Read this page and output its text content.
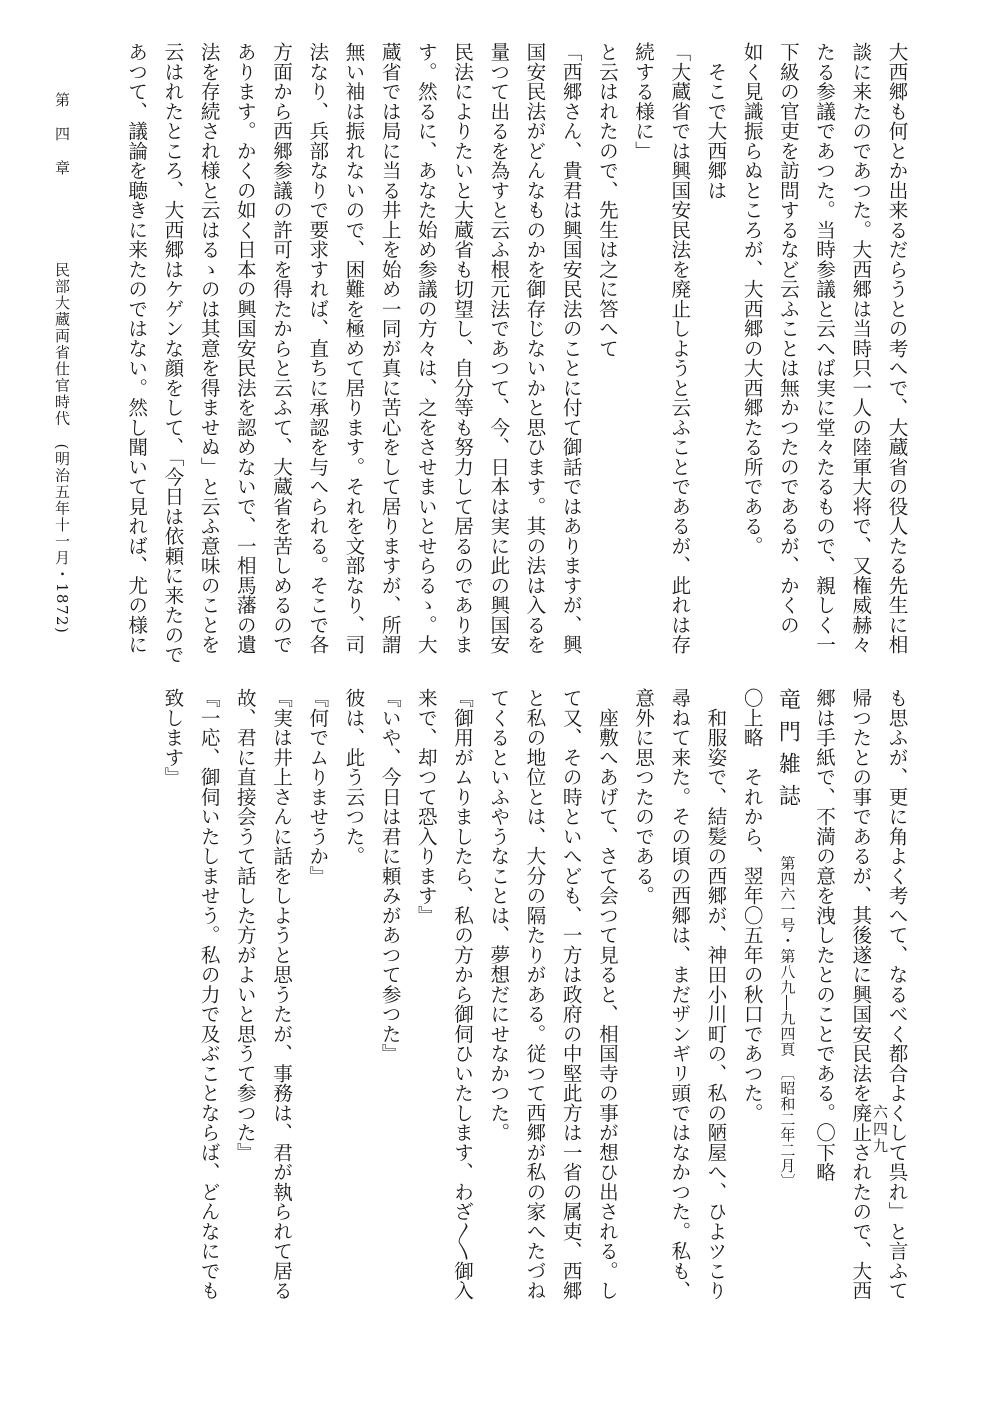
大西郷も何とか出来るだらうとの考へで、大蔵省の役人たる先生に相
談に来たのであつた。大西郷は当時只一人の陸軍大将で、又権威赫々
たる参議であつた。当時参議と云へば実に堂々たるもので、親しく一
下級の官吏を訪問するなど云ふことは無かつたのであるが、かくの
如く見識振らぬところが、大西郷の大西郷たる所である。
　そこで大西郷は
「大蔵省では興国安民法を廃止しようと云ふことであるが、此れは存
続する様に」
と云はれたので、先生は之に答へて
「西郷さん、貴君は興国安民法のことに付て御話ではありますが、興
国安民法がどんなものかを御存じないかと思ひます。其の法は入るを
量つて出るを為すと云ふ根元法であつて、今、日本は実に此の興国安
民法によりたいと大蔵省も切望し、自分等も努力して居るのでありま
す。然るに、あなた始め参議の方々は、之をさせまいとせらるゝ。大
蔵省では局に当る井上を始め一同が真に苦心をして居りますが、所謂
無い袖は振れないので、困難を極めて居ります。それを文部なり、司
法なり、兵部なりで要求すれば、直ちに承認を与へられる。そこで各
方面から西郷参議の許可を得たからと云ふて、大蔵省を苦しめるので
あります。かくの如く日本の興国安民法を認めないで、一相馬藩の遺
法を存続され様と云はるゝのは其意を得ませぬ」と云ふ意味のことを
云はれたところ、大西郷はケゲンな顔をして、「今日は依頼に来たので
あつて、議論を聴きに来たのではない。然し聞いて見れば、尤の様に
も思ふが、更に角よく考へて、なるべく都合よくして呉れ」と言ふて
帰つたとの事であるが、其後遂に興国安民法を廃止されたので、大西
郷は手紙で、不満の意を洩したとのことである。〇下略
竜門雑誌　　第四六一号・第八九―九四頁　〔昭和二年二月〕
〇上略　それから、翌年〇五年の秋口であつた。
　和服姿で、結髪の西郷が、神田小川町の、私の陋屋へ、ひよツこり
尋ねて来た。その頃の西郷は、まだザンギリ頭ではなかつた。私も、
意外に思つたのである。
　座敷へあげて、さて会つて見ると、相国寺の事が想ひ出される。し
て又、その時といへども、一方は政府の中堅此方は一省の属吏、西郷
と私の地位とは、大分の隔たりがある。従つて西郷が私の家へたづね
てくるといふやうなことは、夢想だにせなかつた。
『御用がムりましたら、私の方から御伺ひいたします、わざ〱御入
来で、却つて恐入ります』
『いや、今日は君に頼みがあつて参つた』
彼は、此う云つた。
『何でムりませうか』
『実は井上さんに話をしようと思うたが、事務は、君が執られて居る
故、君に直接会うて話した方がよいと思うて参つた』
『一応、御伺いたしませう。私の力で及ぶことならば、どんなにでも
致します』
第　四　章
民部大蔵両省仕官時代　(明治五年十一月・1872)
六四九
